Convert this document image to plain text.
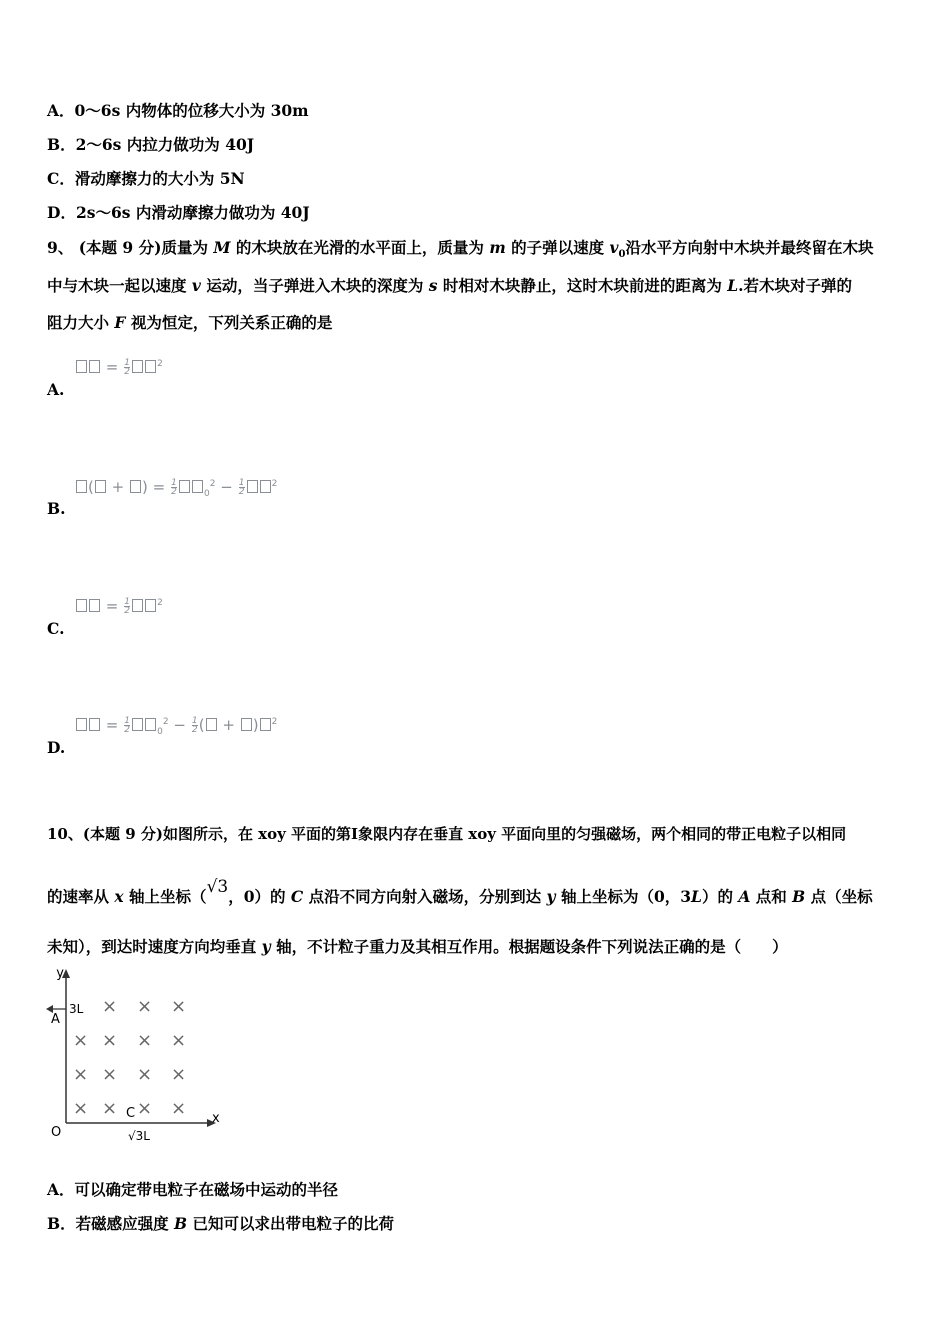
A．0～6s 内物体的位移大小为 30m
B．2～6s 内拉力做功为 40J
C．滑动摩擦力的大小为 5N
D．2s～6s 内滑动摩擦力做功为 40J
9、 (本题 9 分)质量为 M 的木块放在光滑的水平面上，质量为 m 的子弹以速度 $v_0$沿水平方向射中木块并最终留在木块
中与木块一起以速度 v 运动，当子弹进入木块的深度为 s 时相对木块静止，这时木块前进的距离为 L.若木块对子弹的
阻力大小 F 视为恒定，下列关系正确的是
= $\frac{1}{2}$	$^2$
A.
( + ) = $\frac{1}{2}$	$_0^2 - \frac{1}{2}$	$^2$
B.
= $\frac{1}{2}$	$^2$
C.
= $\frac{1}{2}$	$_0^2 - \frac{1}{2}$ ( + ) $^2$
D.
10、(本题 9 分)如图所示，在 xoy 平面的第Ⅰ象限内存在垂直 xoy 平面向里的匀强磁场，两个相同的带正电粒子以相同
的速率从 x 轴上坐标（√3，0）的 C 点沿不同方向射入磁场，分别到达 y 轴上坐标为（0，3L）的 A 点和 B 点（坐标
未知），到达时速度方向均垂直 y 轴，不计粒子重力及其相互作用。根据题设条件下列说法正确的是（　　）
y
x
O
A
3L × × ×
× × × ×
× × × ×
× × × ×
C
√3L
A．可以确定带电粒子在磁场中运动的半径
B．若磁感应强度 B 已知可以求出带电粒子的比荷
